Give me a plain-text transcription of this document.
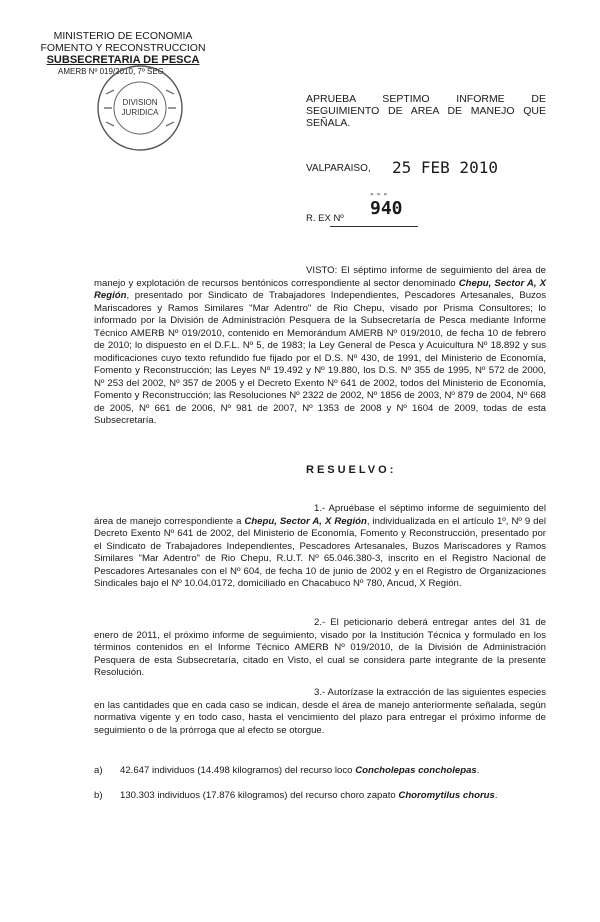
MINISTERIO DE ECONOMIA
FOMENTO Y RECONSTRUCCION
SUBSECRETARIA DE PESCA
AMERB Nº 019/2010, 7º SEG
DIVISION
JURIDICA
APRUEBA SEPTIMO INFORME DE SEGUIMIENTO DE AREA DE MANEJO QUE SEÑALA.
VALPARAISO, 25 FEB 2010
- - -
940
R. EX Nº

VISTO: El séptimo informe de seguimiento del área de manejo y explotación de recursos bentónicos correspondiente al sector denominado Chepu, Sector A, X Región, presentado por Sindicato de Trabajadores Independientes, Pescadores Artesanales, Buzos Mariscadores y Ramos Similares "Mar Adentro" de Rio Chepu, visado por Prisma Consultores; lo informado por la División de Administración Pesquera de la Subsecretaría de Pesca mediante Informe Técnico AMERB Nº 019/2010, contenido en Memorándum AMERB Nº 019/2010, de fecha 10 de febrero de 2010; lo dispuesto en el D.F.L. Nº 5, de 1983; la Ley General de Pesca y Acuicultura Nº 18.892 y sus modificaciones cuyo texto refundido fue fijado por el D.S. Nº 430, de 1991, del Ministerio de Economía, Fomento y Reconstrucción; las Leyes Nº 19.492 y Nº 19.880, los D.S. Nº 355 de 1995, Nº 572 de 2000, Nº 253 del 2002, Nº 357 de 2005 y el Decreto Exento Nº 641 de 2002, todos del Ministerio de Economía, Fomento y Reconstrucción; las Resoluciones Nº 2322 de 2002, Nº 1856 de 2003, Nº 879 de 2004, Nº 668 de 2005, Nº 661 de 2006, Nº 981 de 2007, Nº 1353 de 2008 y Nº 1604 de 2009, todas de esta Subsecretaría.

RESUELVO:

1.- Apruébase el séptimo informe de seguimiento del área de manejo correspondiente a Chepu, Sector A, X Región, individualizada en el artículo 1º, Nº 9 del Decreto Exento Nº 641 de 2002, del Ministerio de Economía, Fomento y Reconstrucción, presentado por el Sindicato de Trabajadores Independientes, Pescadores Artesanales, Buzos Mariscadores y Ramos Similares "Mar Adentro" de Rio Chepu, R.U.T. Nº 65.046.380-3, inscrito en el Registro Nacional de Pescadores Artesanales con el Nº 604, de fecha 10 de junio de 2002 y en el Registro de Organizaciones Sindicales bajo el Nº 10.04.0172, domiciliado en Chacabuco Nº 780, Ancud, X Región.

2.- El peticionario deberá entregar antes del 31 de enero de 2011, el próximo informe de seguimiento, visado por la Institución Técnica y formulado en los términos contenidos en el Informe Técnico AMERB Nº 019/2010, de la División de Administración Pesquera de esta Subsecretaría, citado en Visto, el cual se considera parte integrante de la presente Resolución.

3.- Autorízase la extracción de las siguientes especies en las cantidades que en cada caso se indican, desde el área de manejo anteriormente señalada, según normativa vigente y en todo caso, hasta el vencimiento del plazo para entregar el próximo informe de seguimiento o de la prórroga que al efecto se otorgue.

a) 42.647 individuos (14.498 kilogramos) del recurso loco Concholepas concholepas.

b) 130.303 individuos (17.876 kilogramos) del recurso choro zapato Choromytilus chorus.
